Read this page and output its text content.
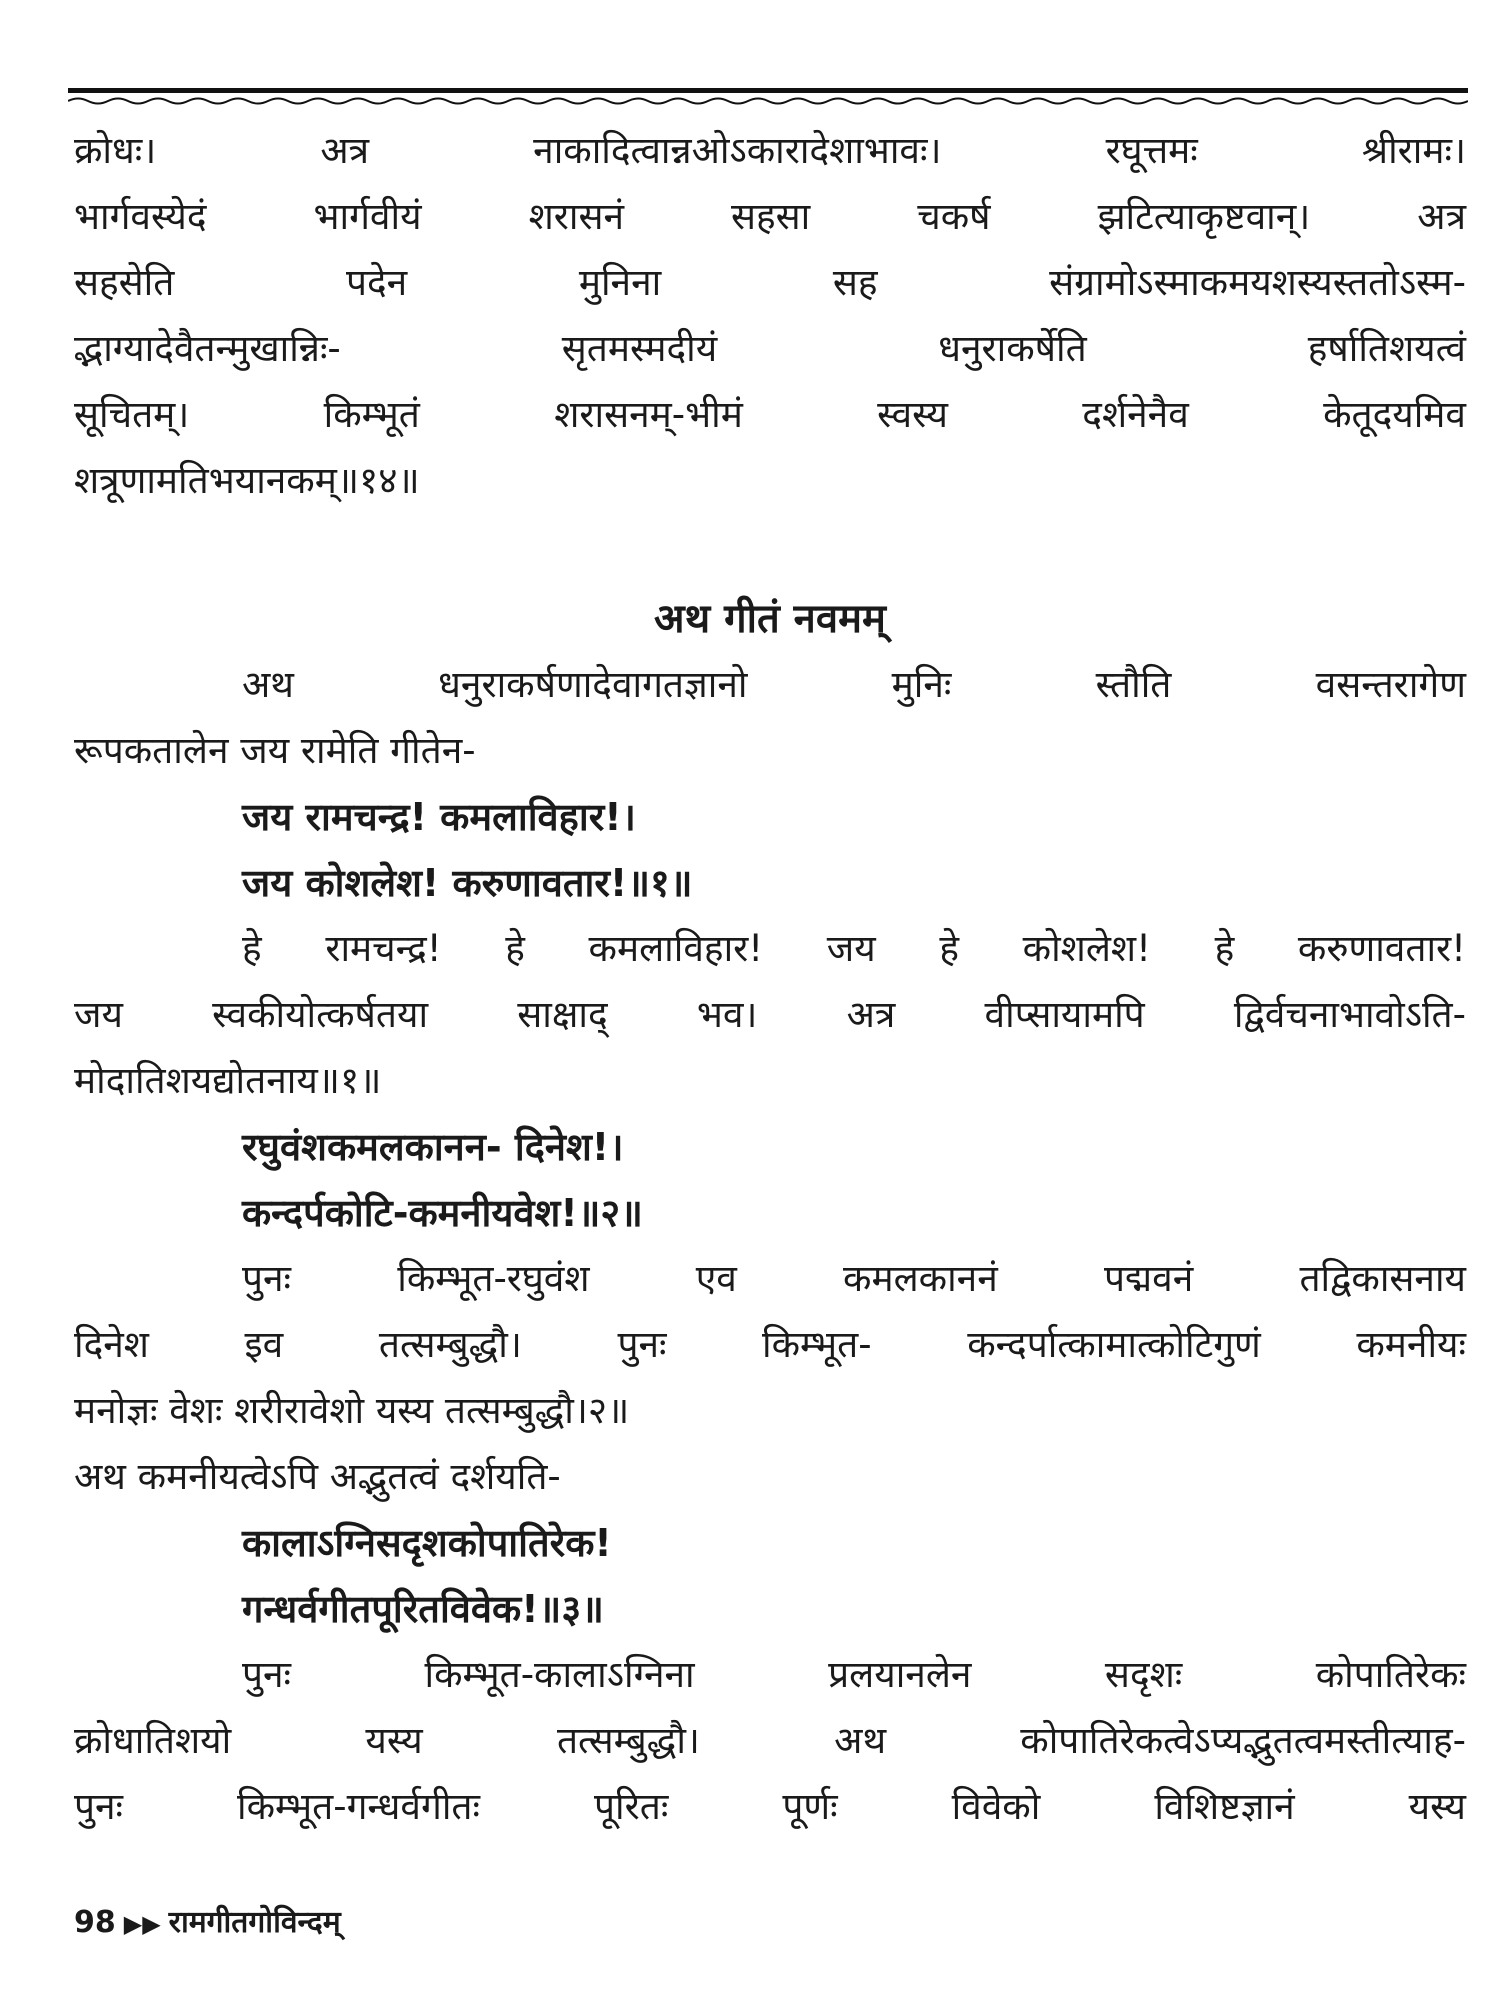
क्रोधः। अत्र नाकादित्वान्नओऽकारादेशाभावः। रघूत्तमः श्रीरामः।
भार्गवस्येदं भार्गवीयं शरासनं सहसा चकर्ष झटित्याकृष्टवान्। अत्र
सहसेति पदेन मुनिना सह संग्रामोऽस्माकमयशस्यस्ततोऽस्म-
द्भाग्यादेवैतन्मुखान्निः- सृतमस्मदीयं धनुराकर्षेति हर्षातिशयत्वं
सूचितम्। किम्भूतं शरासनम्-भीमं स्वस्य दर्शनेनैव केतूदयमिव
शत्रूणामतिभयानकम्॥१४॥
अथ गीतं नवमम्
अथ धनुराकर्षणादेवागतज्ञानो मुनिः स्तौति वसन्तरागेण
रूपकतालेन जय रामेति गीतेन-
जय रामचन्द्र! कमलाविहार!।
जय कोशलेश! करुणावतार!॥१॥
हे रामचन्द्र! हे कमलाविहार! जय हे कोशलेश! हे करुणावतार!
जय स्वकीयोत्कर्षतया साक्षाद् भव। अत्र वीप्सायामपि द्विर्वचनाभावोऽति-
मोदातिशयद्योतनाय॥१॥
रघुवंशकमलकानन- दिनेश!।
कन्दर्पकोटि-कमनीयवेश!॥२॥
पुनः किम्भूत-रघुवंश एव कमलकाननं पद्मवनं तद्विकासनाय
दिनेश इव तत्सम्बुद्धौ। पुनः किम्भूत- कन्दर्पात्कामात्कोटिगुणं कमनीयः
मनोज्ञः वेशः शरीरावेशो यस्य तत्सम्बुद्धौ।२॥
अथ कमनीयत्वेऽपि अद्भुतत्वं दर्शयति-
कालाऽग्निसदृशकोपातिरेक!
गन्धर्वगीतपूरितविवेक!॥३॥
पुनः किम्भूत-कालाऽग्निना प्रलयानलेन सदृशः कोपातिरेकः
क्रोधातिशयो यस्य तत्सम्बुद्धौ। अथ कोपातिरेकत्वेऽप्यद्भुतत्वमस्तीत्याह-
पुनः किम्भूत-गन्धर्वगीतः पूरितः पूर्णः विवेको विशिष्टज्ञानं यस्य
98 ▶▶ रामगीतगोविन्दम्
